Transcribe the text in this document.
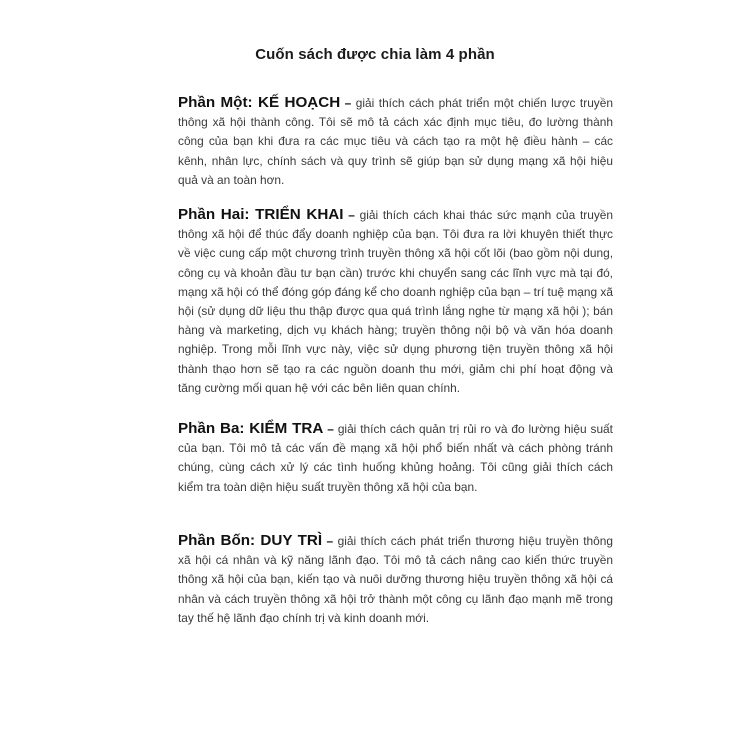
Cuốn sách được chia làm 4 phần

Phần Một: KẾ HOẠCH – giải thích cách phát triển một chiến lược truyền thông xã hội thành công. Tôi sẽ mô tả cách xác định mục tiêu, đo lường thành công của bạn khi đưa ra các mục tiêu và cách tạo ra một hệ điều hành – các kênh, nhân lực, chính sách và quy trình sẽ giúp bạn sử dụng mạng xã hội hiệu quả và an toàn hơn.

Phần Hai: TRIỂN KHAI – giải thích cách khai thác sức mạnh của truyền thông xã hội để thúc đẩy doanh nghiệp của bạn. Tôi đưa ra lời khuyên thiết thực về việc cung cấp một chương trình truyền thông xã hội cốt lõi (bao gồm nội dung, công cụ và khoản đầu tư bạn cần) trước khi chuyển sang các lĩnh vực mà tại đó, mạng xã hội có thể đóng góp đáng kể cho doanh nghiệp của bạn – trí tuệ mạng xã hội (sử dụng dữ liệu thu thập được qua quá trình lắng nghe từ mạng xã hội ); bán hàng và marketing, dịch vụ khách hàng; truyền thông nội bộ và văn hóa doanh nghiệp. Trong mỗi lĩnh vực này, việc sử dụng phương tiện truyền thông xã hội thành thạo hơn sẽ tạo ra các nguồn doanh thu mới, giảm chi phí hoạt động và tăng cường mối quan hệ với các bên liên quan chính.

Phần Ba: KIỂM TRA – giải thích cách quản trị rủi ro và đo lường hiệu suất của bạn. Tôi mô tả các vấn đề mạng xã hội phổ biến nhất và cách phòng tránh chúng, cùng cách xử lý các tình huống khủng hoảng. Tôi cũng giải thích cách kiểm tra toàn diện hiệu suất truyền thông xã hội của bạn.

Phần Bốn: DUY TRÌ – giải thích cách phát triển thương hiệu truyền thông xã hội cá nhân và kỹ năng lãnh đạo. Tôi mô tả cách nâng cao kiến thức truyền thông xã hội của bạn, kiến tạo và nuôi dưỡng thương hiệu truyền thông xã hội cá nhân và cách truyền thông xã hội trở thành một công cụ lãnh đạo mạnh mẽ trong tay thế hệ lãnh đạo chính trị và kinh doanh mới.
